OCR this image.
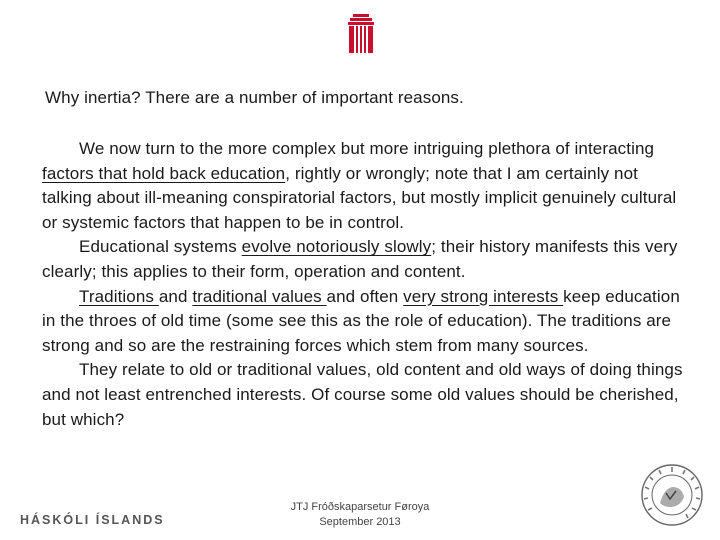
Why inertia? There are a number of important reasons.

We now turn to the more complex but more intriguing plethora of interacting factors that hold back education, rightly or wrongly; note that I am certainly not talking about ill-meaning conspiratorial factors, but mostly implicit genuinely cultural or systemic factors that happen to be in control.

Educational systems evolve notoriously slowly; their history manifests this very clearly; this applies to their form, operation and content.

Traditions and traditional values and often very strong interests keep education in the throes of old time (some see this as the role of education). The traditions are strong and so are the restraining forces which stem from many sources.

They relate to old or traditional values, old content and old ways of doing things and not least entrenched interests. Of course some old values should be cherished, but which?

HÁSKÓLI ÍSLANDS
JTJ Fróðskaparsetur Føroya
September 2013
